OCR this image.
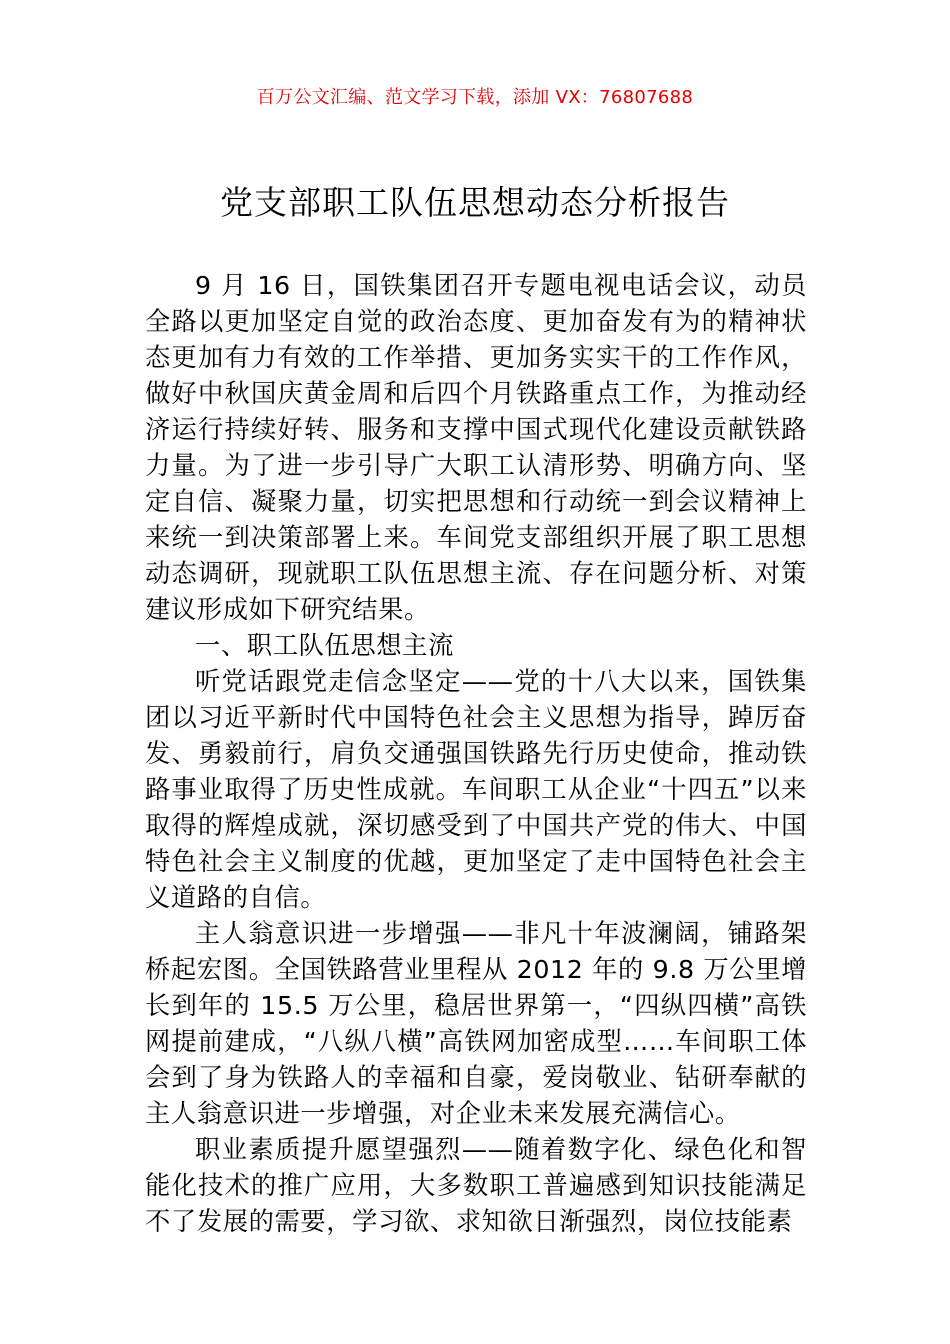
百万公文汇编、范文学习下载，添加 VX：76807688
党支部职工队伍思想动态分析报告

9 月 16 日，国铁集团召开专题电视电话会议，动员全路以更加坚定自觉的政治态度、更加奋发有为的精神状态更加有力有效的工作举措、更加务实实干的工作作风，做好中秋国庆黄金周和后四个月铁路重点工作，为推动经济运行持续好转、服务和支撑中国式现代化建设贡献铁路力量。为了进一步引导广大职工认清形势、明确方向、坚定自信、凝聚力量，切实把思想和行动统一到会议精神上来统一到决策部署上来。车间党支部组织开展了职工思想动态调研，现就职工队伍思想主流、存在问题分析、对策建议形成如下研究结果。

一、职工队伍思想主流

听党话跟党走信念坚定——党的十八大以来，国铁集团以习近平新时代中国特色社会主义思想为指导，踔厉奋发、勇毅前行，肩负交通强国铁路先行历史使命，推动铁路事业取得了历史性成就。车间职工从企业“十四五”以来取得的辉煌成就，深切感受到了中国共产党的伟大、中国特色社会主义制度的优越，更加坚定了走中国特色社会主义道路的自信。

主人翁意识进一步增强——非凡十年波澜阔，铺路架桥起宏图。全国铁路营业里程从 2012 年的 9.8 万公里增长到年的 15.5 万公里，稳居世界第一，“四纵四横”高铁网提前建成，“八纵八横”高铁网加密成型……车间职工体会到了身为铁路人的幸福和自豪，爱岗敬业、钻研奉献的主人翁意识进一步增强，对企业未来发展充满信心。

职业素质提升愿望强烈——随着数字化、绿色化和智能化技术的推广应用，大多数职工普遍感到知识技能满足不了发展的需要，学习欲、求知欲日渐强烈，岗位技能素
